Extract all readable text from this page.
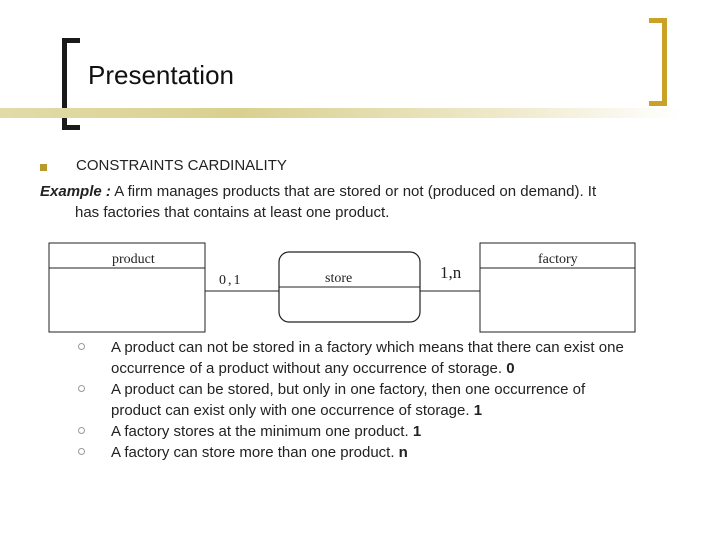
Presentation
CONSTRAINTS CARDINALITY
Example : A firm manages products that are stored or not (produced on demand). It
has factories that contains at least one product.
product	factory
store
0,1	1,n
A product can not be stored in a factory which means that there can exist one
occurrence of a product without any occurrence of storage. 0
A product can be stored, but only in one factory, then one occurrence of
product can exist only with one occurrence of storage. 1
A factory stores at the minimum one product. 1
A factory can store more than one product. n
